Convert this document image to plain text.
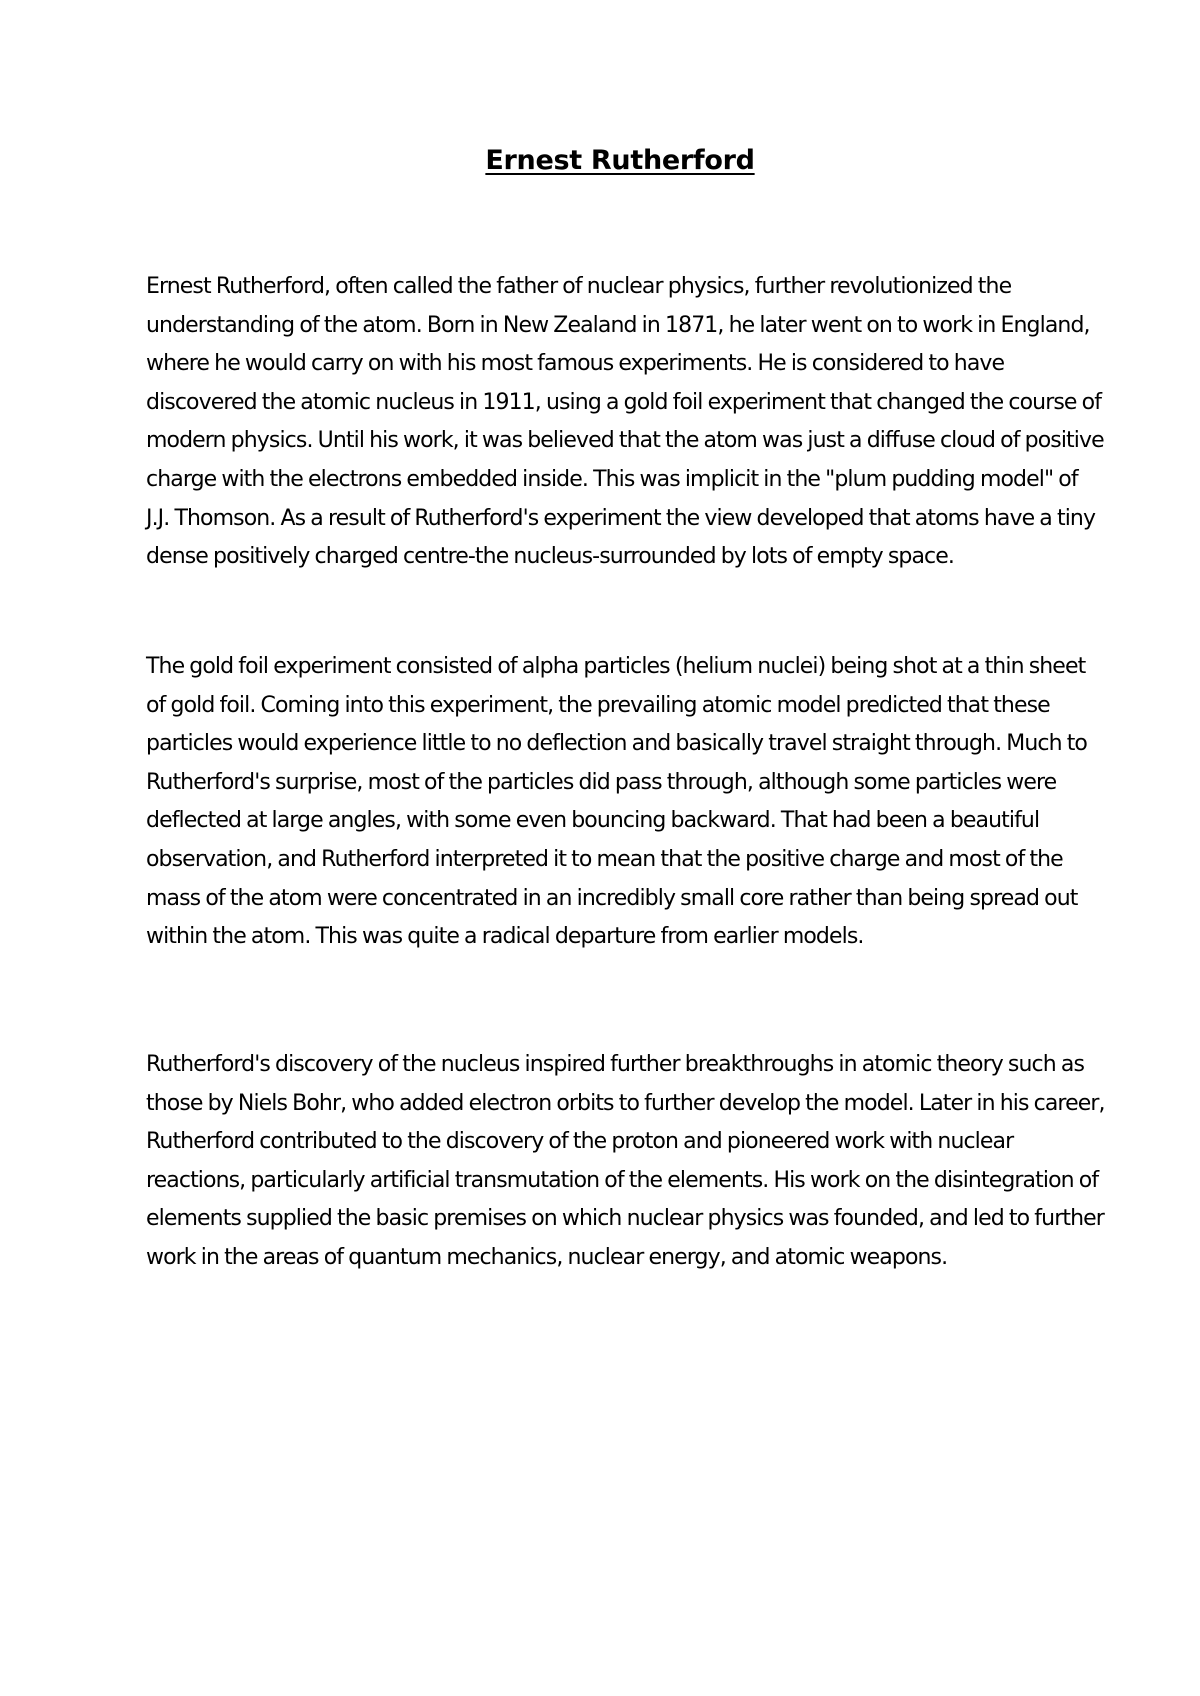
Ernest Rutherford

Ernest Rutherford, often called the father of nuclear physics, further revolutionized the understanding of the atom. Born in New Zealand in 1871, he later went on to work in England, where he would carry on with his most famous experiments. He is considered to have discovered the atomic nucleus in 1911, using a gold foil experiment that changed the course of modern physics. Until his work, it was believed that the atom was just a diffuse cloud of positive charge with the electrons embedded inside. This was implicit in the "plum pudding model" of J.J. Thomson. As a result of Rutherford's experiment the view developed that atoms have a tiny dense positively charged centre-the nucleus-surrounded by lots of empty space.

The gold foil experiment consisted of alpha particles (helium nuclei) being shot at a thin sheet of gold foil. Coming into this experiment, the prevailing atomic model predicted that these particles would experience little to no deflection and basically travel straight through. Much to Rutherford's surprise, most of the particles did pass through, although some particles were deflected at large angles, with some even bouncing backward. That had been a beautiful observation, and Rutherford interpreted it to mean that the positive charge and most of the mass of the atom were concentrated in an incredibly small core rather than being spread out within the atom. This was quite a radical departure from earlier models.

Rutherford's discovery of the nucleus inspired further breakthroughs in atomic theory such as those by Niels Bohr, who added electron orbits to further develop the model. Later in his career, Rutherford contributed to the discovery of the proton and pioneered work with nuclear reactions, particularly artificial transmutation of the elements. His work on the disintegration of elements supplied the basic premises on which nuclear physics was founded, and led to further work in the areas of quantum mechanics, nuclear energy, and atomic weapons.
